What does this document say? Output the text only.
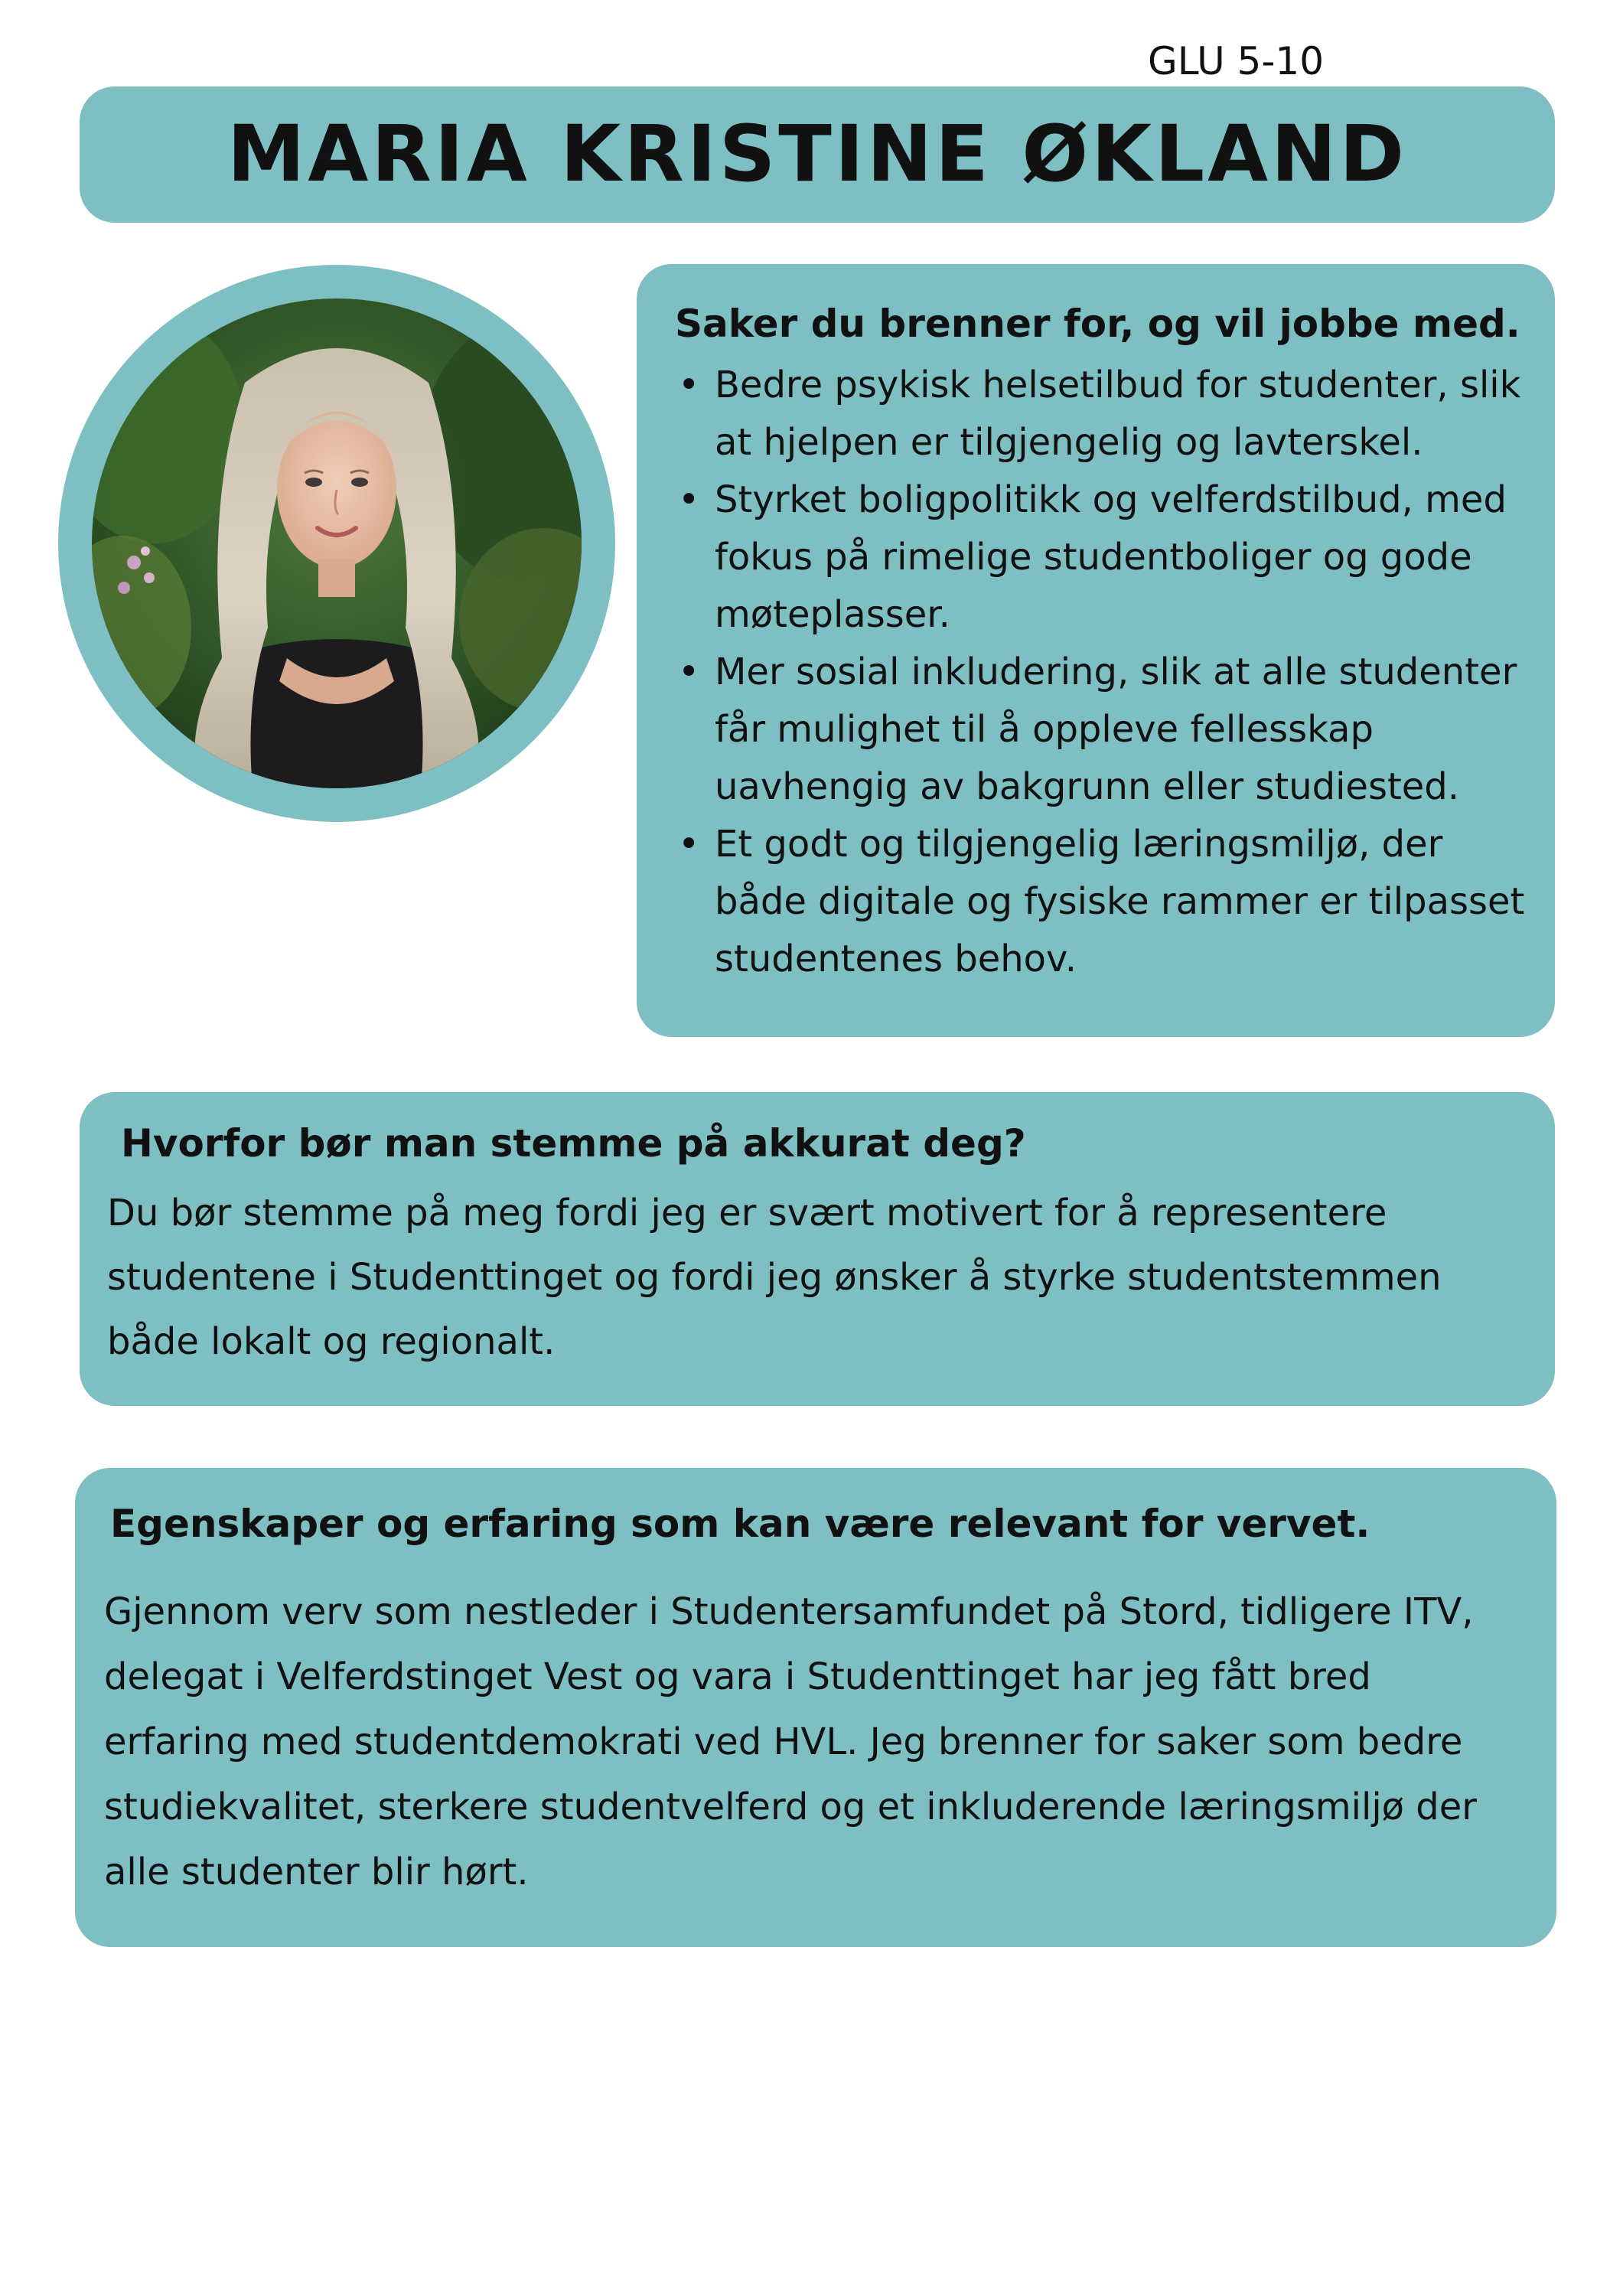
GLU 5-10
MARIA KRISTINE ØKLAND
Saker du brenner for, og vil jobbe med.
• Bedre psykisk helsetilbud for studenter, slik at hjelpen er tilgjengelig og lavterskel.
• Styrket boligpolitikk og velferdstilbud, med fokus på rimelige studentboliger og gode møteplasser.
• Mer sosial inkludering, slik at alle studenter får mulighet til å oppleve fellesskap uavhengig av bakgrunn eller studiested.
• Et godt og tilgjengelig læringsmiljø, der både digitale og fysiske rammer er tilpasset studentenes behov.
Hvorfor bør man stemme på akkurat deg?

Du bør stemme på meg fordi jeg er svært motivert for å representere studentene i Studenttinget og fordi jeg ønsker å styrke studentstemmen både lokalt og regionalt.

Egenskaper og erfaring som kan være relevant for vervet.

Gjennom verv som nestleder i Studentersamfundet på Stord, tidligere ITV, delegat i Velferdstinget Vest og vara i Studenttinget har jeg fått bred erfaring med studentdemokrati ved HVL. Jeg brenner for saker som bedre studiekvalitet, sterkere studentvelferd og et inkluderende læringsmiljø der alle studenter blir hørt.
